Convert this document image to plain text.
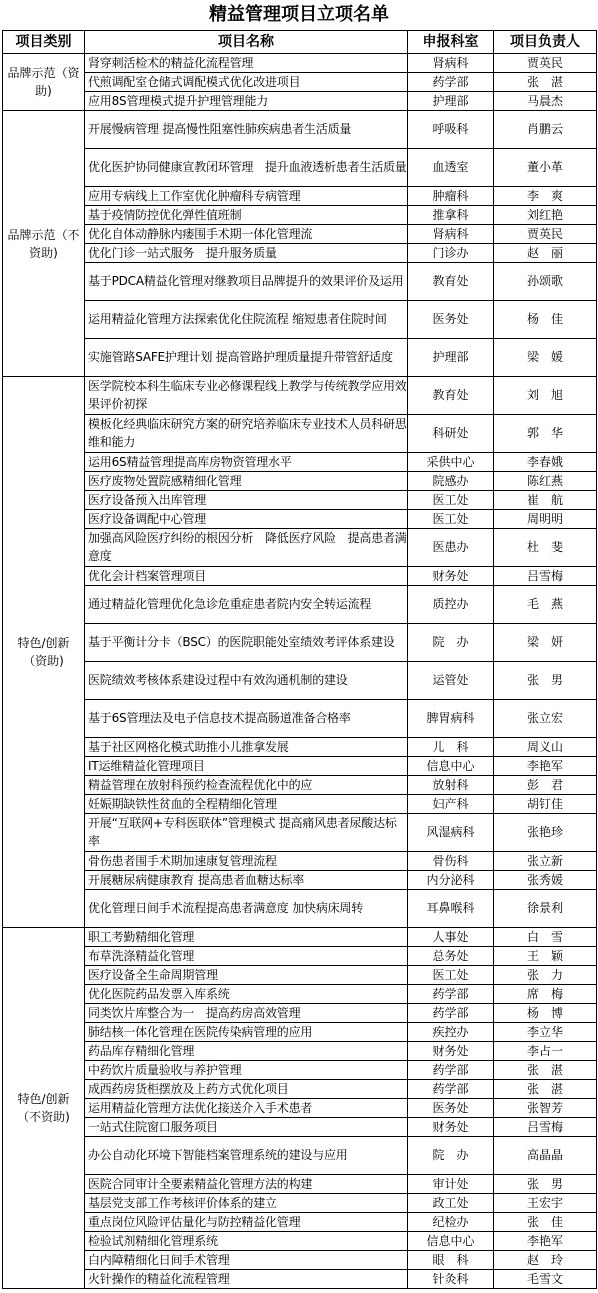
精益管理项目立项名单
项目类别	项目名称	申报科室	项目负责人
品牌示范（资助)	肾穿刺活检术的精益化流程管理	肾病科	贾英民
	代煎调配室仓储式调配模式优化改进项目	药学部	张　湛
	应用8S管理模式提升护理管理能力	护理部	马晨杰
品牌示范（不资助)	开展慢病管理 提高慢性阻塞性肺疾病患者生活质量	呼吸科	肖鹏云
	优化医护协同健康宣教闭环管理　提升血液透析患者生活质量	血透室	董小革
	应用专病线上工作室优化肿瘤科专病管理	肿瘤科	李　爽
	基于疫情防控优化弹性值班制	推拿科	刘红艳
	优化自体动静脉内瘘围手术期一体化管理流	肾病科	贾英民
	优化门诊一站式服务　提升服务质量	门诊办	赵　丽
	基于PDCA精益化管理对继教项目品牌提升的效果评价及运用	教育处	孙颂歌
	运用精益化管理方法探索优化住院流程 缩短患者住院时间	医务处	杨　佳
	实施管路SAFE护理计划 提高管路护理质量提升带管舒适度	护理部	梁　媛
特色/创新（资助)	医学院校本科生临床专业必修课程线上教学与传统教学应用效果评价初探	教育处	刘　旭
	模板化经典临床研究方案的研究培养临床专业技术人员科研思维和能力	科研处	郭　华
	运用6S精益管理提高库房物资管理水平	采供中心	李春娥
	医疗废物处置院感精细化管理	院感办	陈红燕
	医疗设备预入出库管理	医工处	崔　航
	医疗设备调配中心管理	医工处	周明明
	加强高风险医疗纠纷的根因分析　降低医疗风险　提高患者满意度	医患办	杜　斐
	优化会计档案管理项目	财务处	吕雪梅
	通过精益化管理优化急诊危重症患者院内安全转运流程	质控办	毛　燕
	基于平衡计分卡（BSC）的医院职能处室绩效考评体系建设	院　办	梁　妍
	医院绩效考核体系建设过程中有效沟通机制的建设	运管处	张　男
	基于6S管理法及电子信息技术提高肠道准备合格率	脾胃病科	张立宏
	基于社区网格化模式助推小儿推拿发展	儿　科	周义山
	IT运维精益化管理项目	信息中心	李艳军
	精益管理在放射科预约检查流程优化中的应	放射科	彭　君
	妊娠期缺铁性贫血的全程精细化管理	妇产科	胡钉佳
	开展“互联网+专科医联体”管理模式 提高痛风患者尿酸达标率	风湿病科	张艳珍
	骨伤患者围手术期加速康复管理流程	骨伤科	张立新
	开展糖尿病健康教育 提高患者血糖达标率	内分泌科	张秀媛
	优化管理日间手术流程提高患者满意度 加快病床周转	耳鼻喉科	徐景利
特色/创新（不资助)	职工考勤精细化管理	人事处	白　雪
	布草洗涤精益化管理	总务处	王　颖
	医疗设备全生命周期管理	医工处	张　力
	优化医院药品发票入库系统	药学部	席　梅
	同类饮片库整合为一　提高药房高效管理	药学部	杨　博
	肺结核一体化管理在医院传染病管理的应用	疾控办	李立华
	药品库存精细化管理	财务处	李占一
	中药饮片质量验收与养护管理	药学部	张　湛
	成西药房货柜摆放及上药方式优化项目	药学部	张　湛
	运用精益化管理方法优化接送介入手术患者	医务处	张智芳
	一站式住院窗口服务项目	财务处	吕雪梅
	办公自动化环境下智能档案管理系统的建设与应用	院　办	高晶晶
	医院合同审计全要素精益化管理方法的构建	审计处	张　男
	基层党支部工作考核评价体系的建立	政工处	王宏宇
	重点岗位风险评估量化与防控精益化管理	纪检办	张　佳
	检验试剂精细化管理系统	信息中心	李艳军
	白内障精细化日间手术管理	眼　科	赵　玲
	火针操作的精益化流程管理	针灸科	毛雪文
